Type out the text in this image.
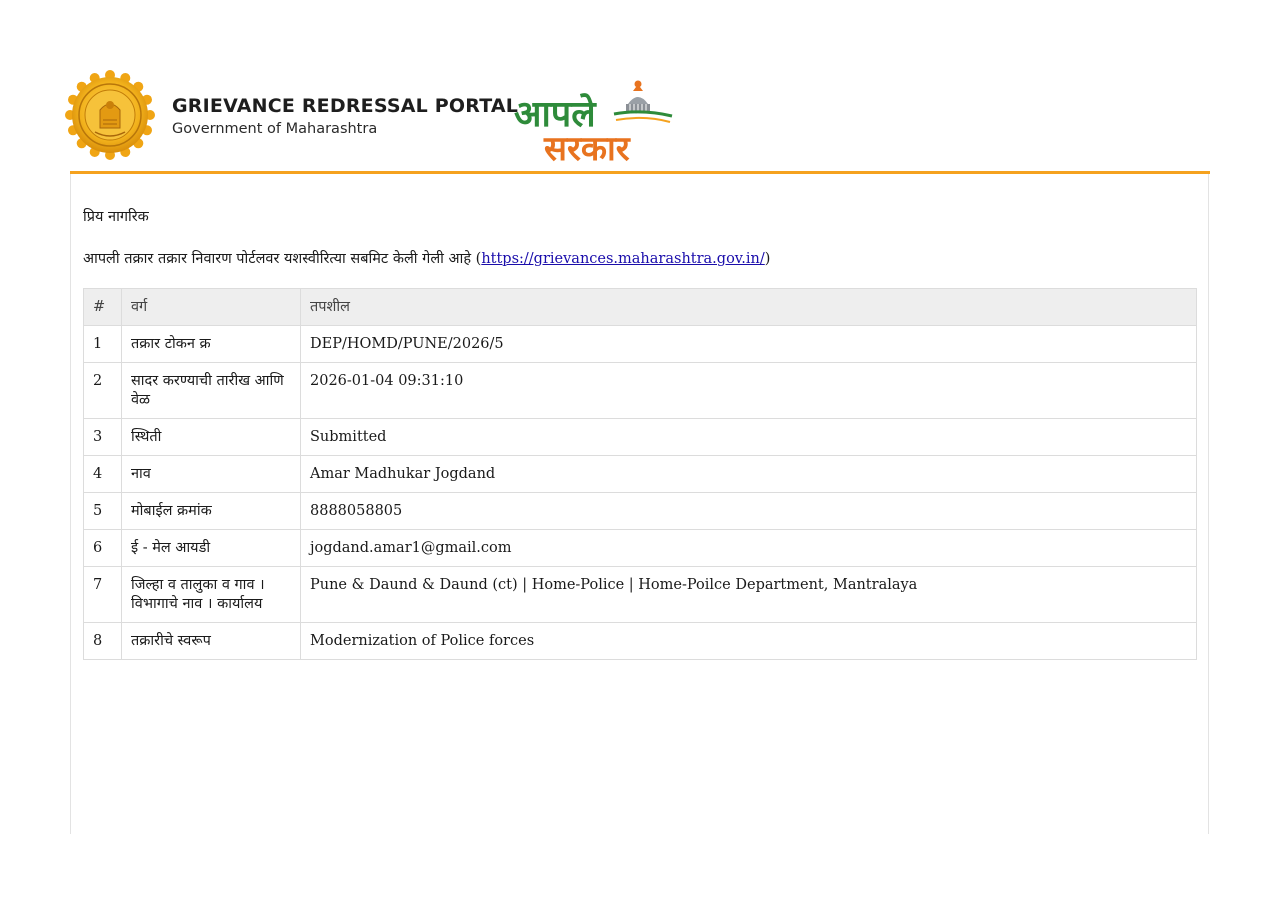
GRIEVANCE REDRESSAL PORTAL
Government of Maharashtra	आपले
सरकार
प्रिय नागरिक
आपली तक्रार तक्रार निवारण पोर्टलवर यशस्वीरित्या सबमिट केली गेली आहे (https://grievances.maharashtra.gov.in/)
#	वर्ग	तपशील
1	तक्रार टोकन क्र	DEP/HOMD/PUNE/2026/5
2	सादर करण्याची तारीख आणि वेळ	2026-01-04 09:31:10
3	स्थिती	Submitted
4	नाव	Amar Madhukar Jogdand
5	मोबाईल क्रमांक	8888058805
6	ई - मेल आयडी	jogdand.amar1@gmail.com
7	जिल्हा व तालुका व गाव । विभागाचे नाव । कार्यालय	Pune & Daund & Daund (ct) | Home-Police | Home-Poilce Department, Mantralaya
8	तक्रारीचे स्वरूप	Modernization of Police forces
